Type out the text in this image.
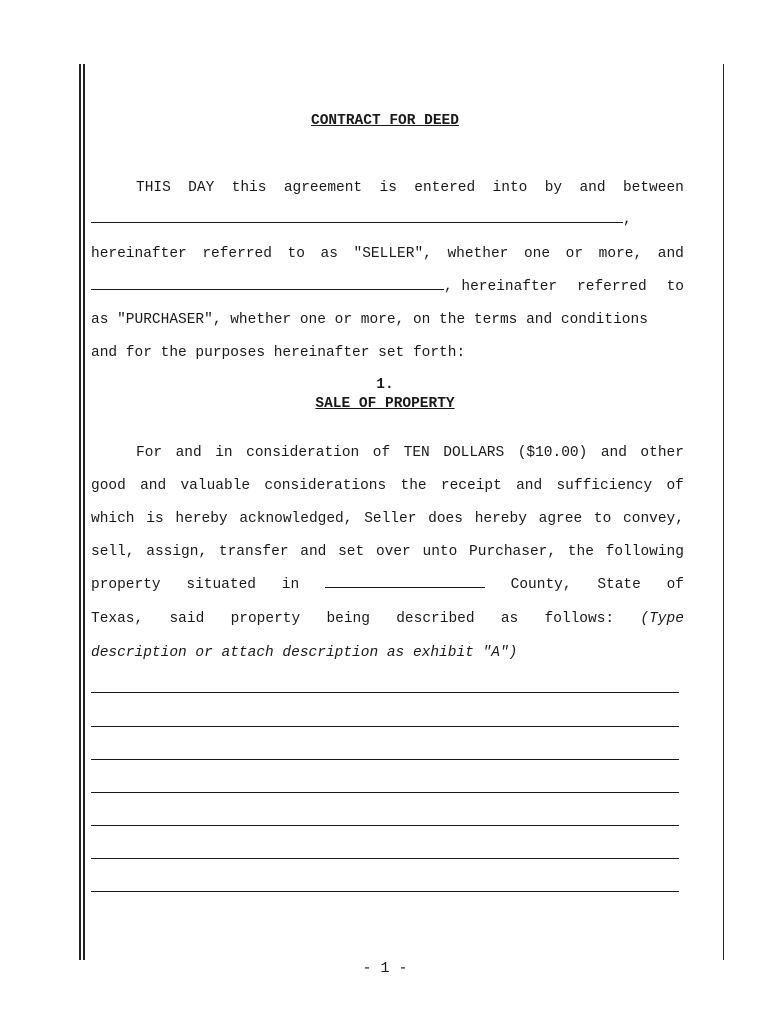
CONTRACT FOR DEED
THIS DAY this agreement is entered into by and between
,
hereinafter referred to as "SELLER", whether one or more, and
, hereinafter referred to
as "PURCHASER", whether one or more, on the terms and conditions
and for the purposes hereinafter set forth:
1.
SALE OF PROPERTY
For and in consideration of TEN DOLLARS ($10.00) and other
good and valuable considerations the receipt and sufficiency of
which is hereby acknowledged, Seller does hereby agree to convey,
sell, assign, transfer and set over unto Purchaser, the following
property situated in	County, State of
Texas, said property being described as follows: (Type
description or attach description as exhibit "A")
- 1 -
